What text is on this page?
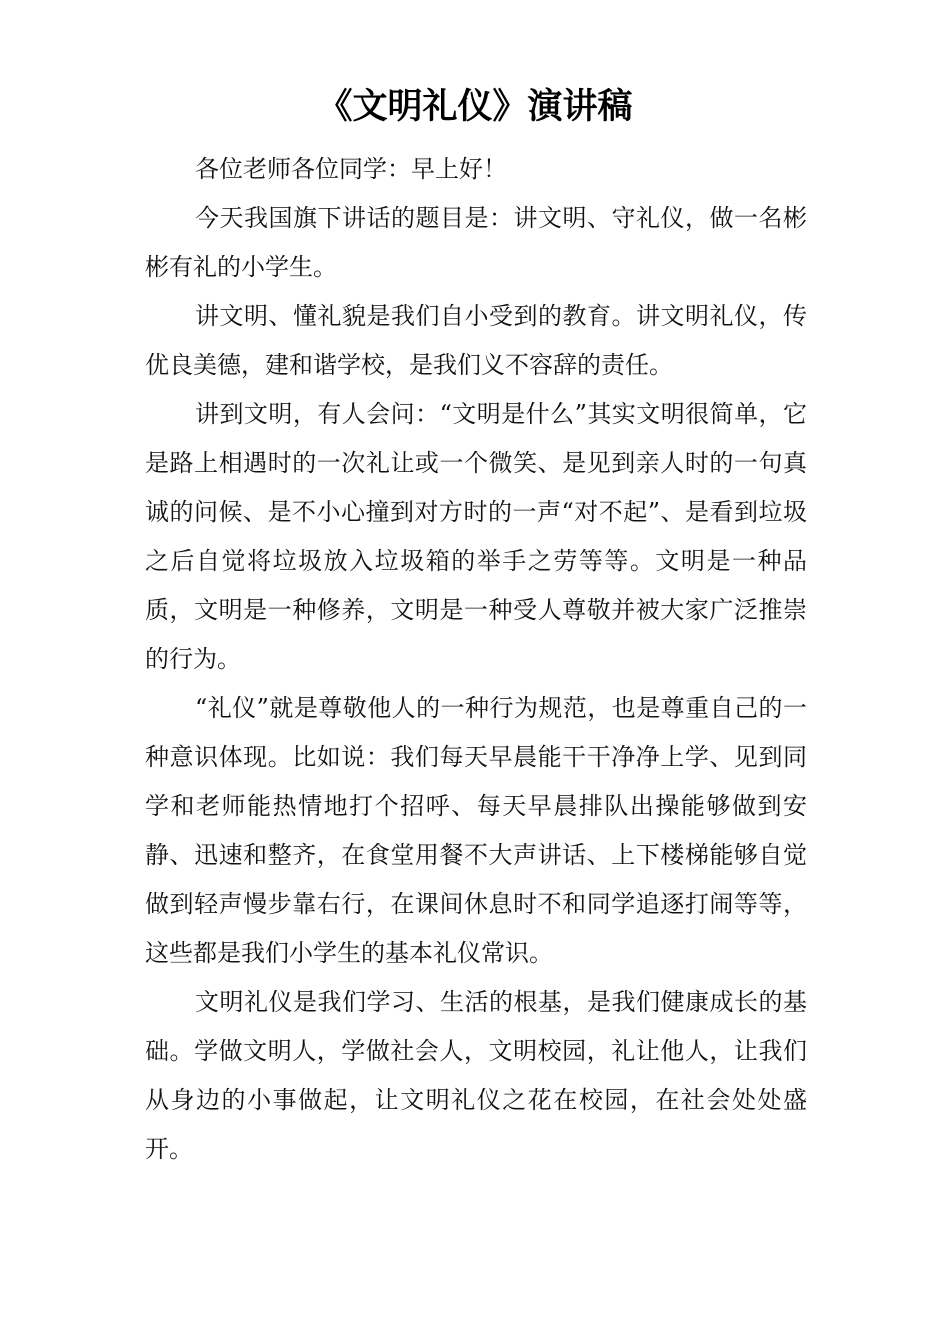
《文明礼仪》演讲稿

各位老师各位同学：早上好！

今天我国旗下讲话的题目是：讲文明、守礼仪，做一名彬彬有礼的小学生。

讲文明、懂礼貌是我们自小受到的教育。讲文明礼仪，传优良美德，建和谐学校，是我们义不容辞的责任。

讲到文明，有人会问：“文明是什么”其实文明很简单，它是路上相遇时的一次礼让或一个微笑、是见到亲人时的一句真诚的问候、是不小心撞到对方时的一声“对不起”、是看到垃圾之后自觉将垃圾放入垃圾箱的举手之劳等等。文明是一种品质，文明是一种修养，文明是一种受人尊敬并被大家广泛推崇的行为。

“礼仪”就是尊敬他人的一种行为规范，也是尊重自己的一种意识体现。比如说：我们每天早晨能干干净净上学、见到同学和老师能热情地打个招呼、每天早晨排队出操能够做到安静、迅速和整齐，在食堂用餐不大声讲话、上下楼梯能够自觉做到轻声慢步靠右行，在课间休息时不和同学追逐打闹等等，这些都是我们小学生的基本礼仪常识。

文明礼仪是我们学习、生活的根基，是我们健康成长的基础。学做文明人，学做社会人，文明校园，礼让他人，让我们从身边的小事做起，让文明礼仪之花在校园，在社会处处盛开。
